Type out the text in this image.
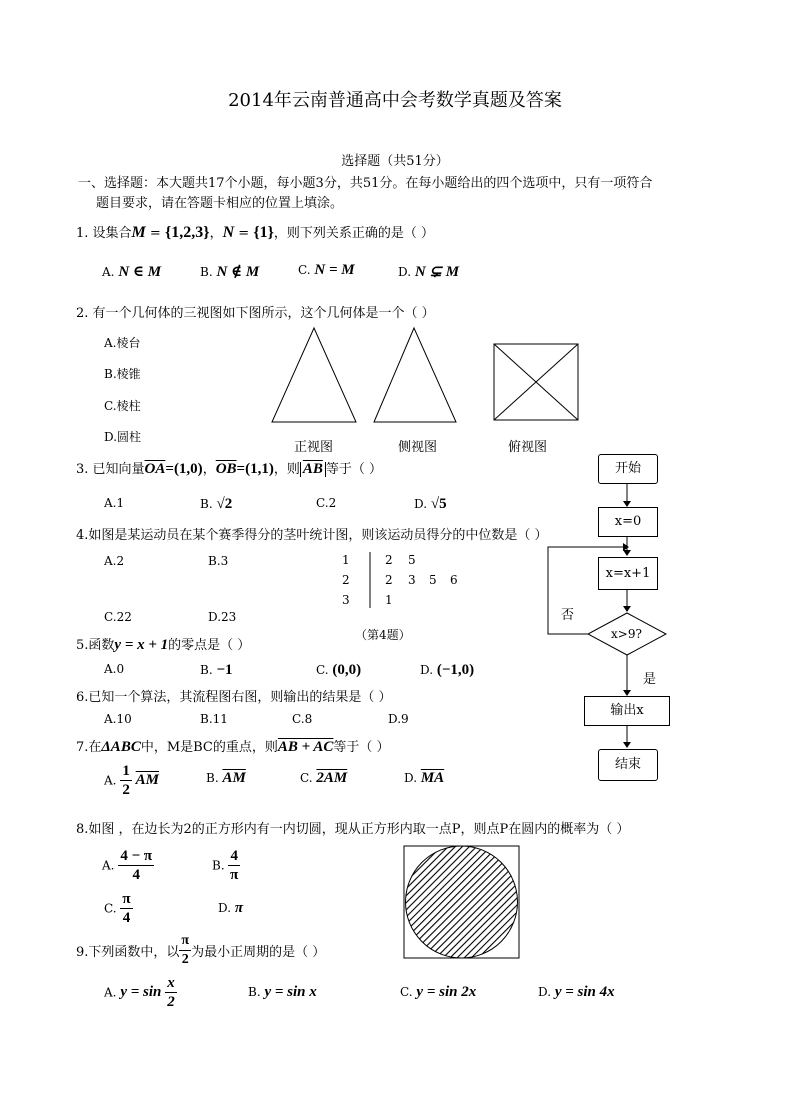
2014年云南普通高中会考数学真题及答案
选择题（共51分）
一、选择题：本大题共17个小题，每小题3分，共51分。在每小题给出的四个选项中，只有一项符合
题目要求，请在答题卡相应的位置上填涂。
1. 设集合M = {1,2,3}，N = {1}，则下列关系正确的是（ ）
A. N ∈ M	B. N ∉ M	C. N = M	D. N ⊊ M
2. 有一个几何体的三视图如下图所示，这个几何体是一个（ ）
A.棱台
B.棱锥
C.棱柱
D.圆柱
正视图	侧视图	俯视图
3. 已知向量$\overline{OA}=(1,0)$，$\overline{OB}=(1,1)$，则 $\overline{AB}$ 等于（ ）
A.1	B. √2	C.2	D. √5
4.如图是某运动员在某个赛季得分的茎叶统计图，则该运动员得分的中位数是（ ）
A.2	B.3
C.22	D.23
1	2 5
2	2 3 5 6
3	1
（第4题）
开始
x=0
x=x+1
x>9?
否
是
输出x
结束
5.函数y = x + 1的零点是（ ）
A.0	B. −1	C. (0,0)	D. (−1,0)
6.已知一个算法，其流程图右图，则输出的结果是（ ）
A.10	B.11	C.8	D.9
7.在ΔABC中，M是BC的重点，则AB + AC等于（ ）
A. $\frac{1}{2} \overline{AM}$	B. $\overline{AM}$	C. 2AM	D. $\overline{MA}$
8.如图 ，在边长为2的正方形内有一内切圆，现从正方形内取一点P，则点P在圆内的概率为（ ）
A. $\frac{4 - \pi}{4}$	B. $\frac{4}{\pi}$
C. $\frac{\pi}{4}$	D. π
9.下列函数中，以 $\frac{\pi}{2}$ 为最小正周期的是（ ）
A. $y = \sin \frac{x}{2}$	B. y = sin x	C. y = sin 2x	D. y = sin 4x
